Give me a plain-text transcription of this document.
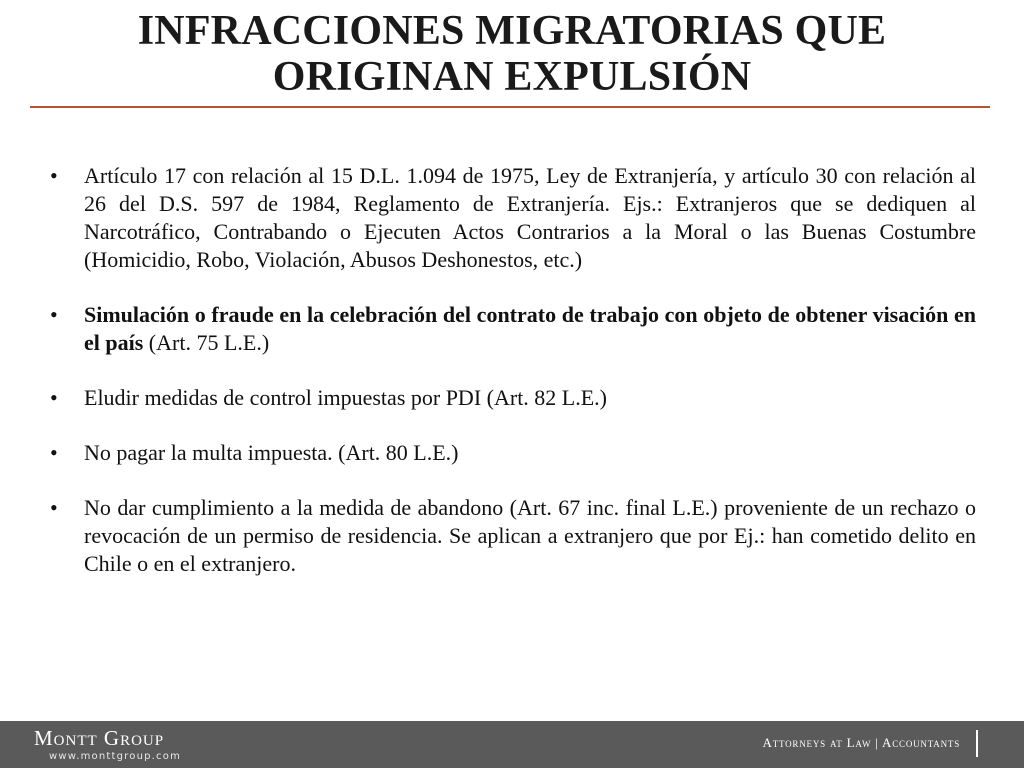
INFRACCIONES MIGRATORIAS QUE
ORIGINAN EXPULSIÓN
• Artículo 17 con relación al 15 D.L. 1.094 de 1975, Ley de Extranjería, y artículo 30 con relación al 26 del D.S. 597 de 1984, Reglamento de Extranjería. Ejs.: Extranjeros que se dediquen al Narcotráfico, Contrabando o Ejecuten Actos Contrarios a la Moral o las Buenas Costumbre (Homicidio, Robo, Violación, Abusos Deshonestos, etc.)
• Simulación o fraude en la celebración del contrato de trabajo con objeto de obtener visación en el país (Art. 75 L.E.)
• Eludir medidas de control impuestas por PDI (Art. 82 L.E.)
• No pagar la multa impuesta. (Art. 80 L.E.)
• No dar cumplimiento a la medida de abandono (Art. 67 inc. final L.E.) proveniente de un rechazo o revocación de un permiso de residencia. Se aplican a extranjero que por Ej.: han cometido delito en Chile o en el extranjero.
Montt Group
www.monttgroup.com
Attorneys at Law | Accountants
